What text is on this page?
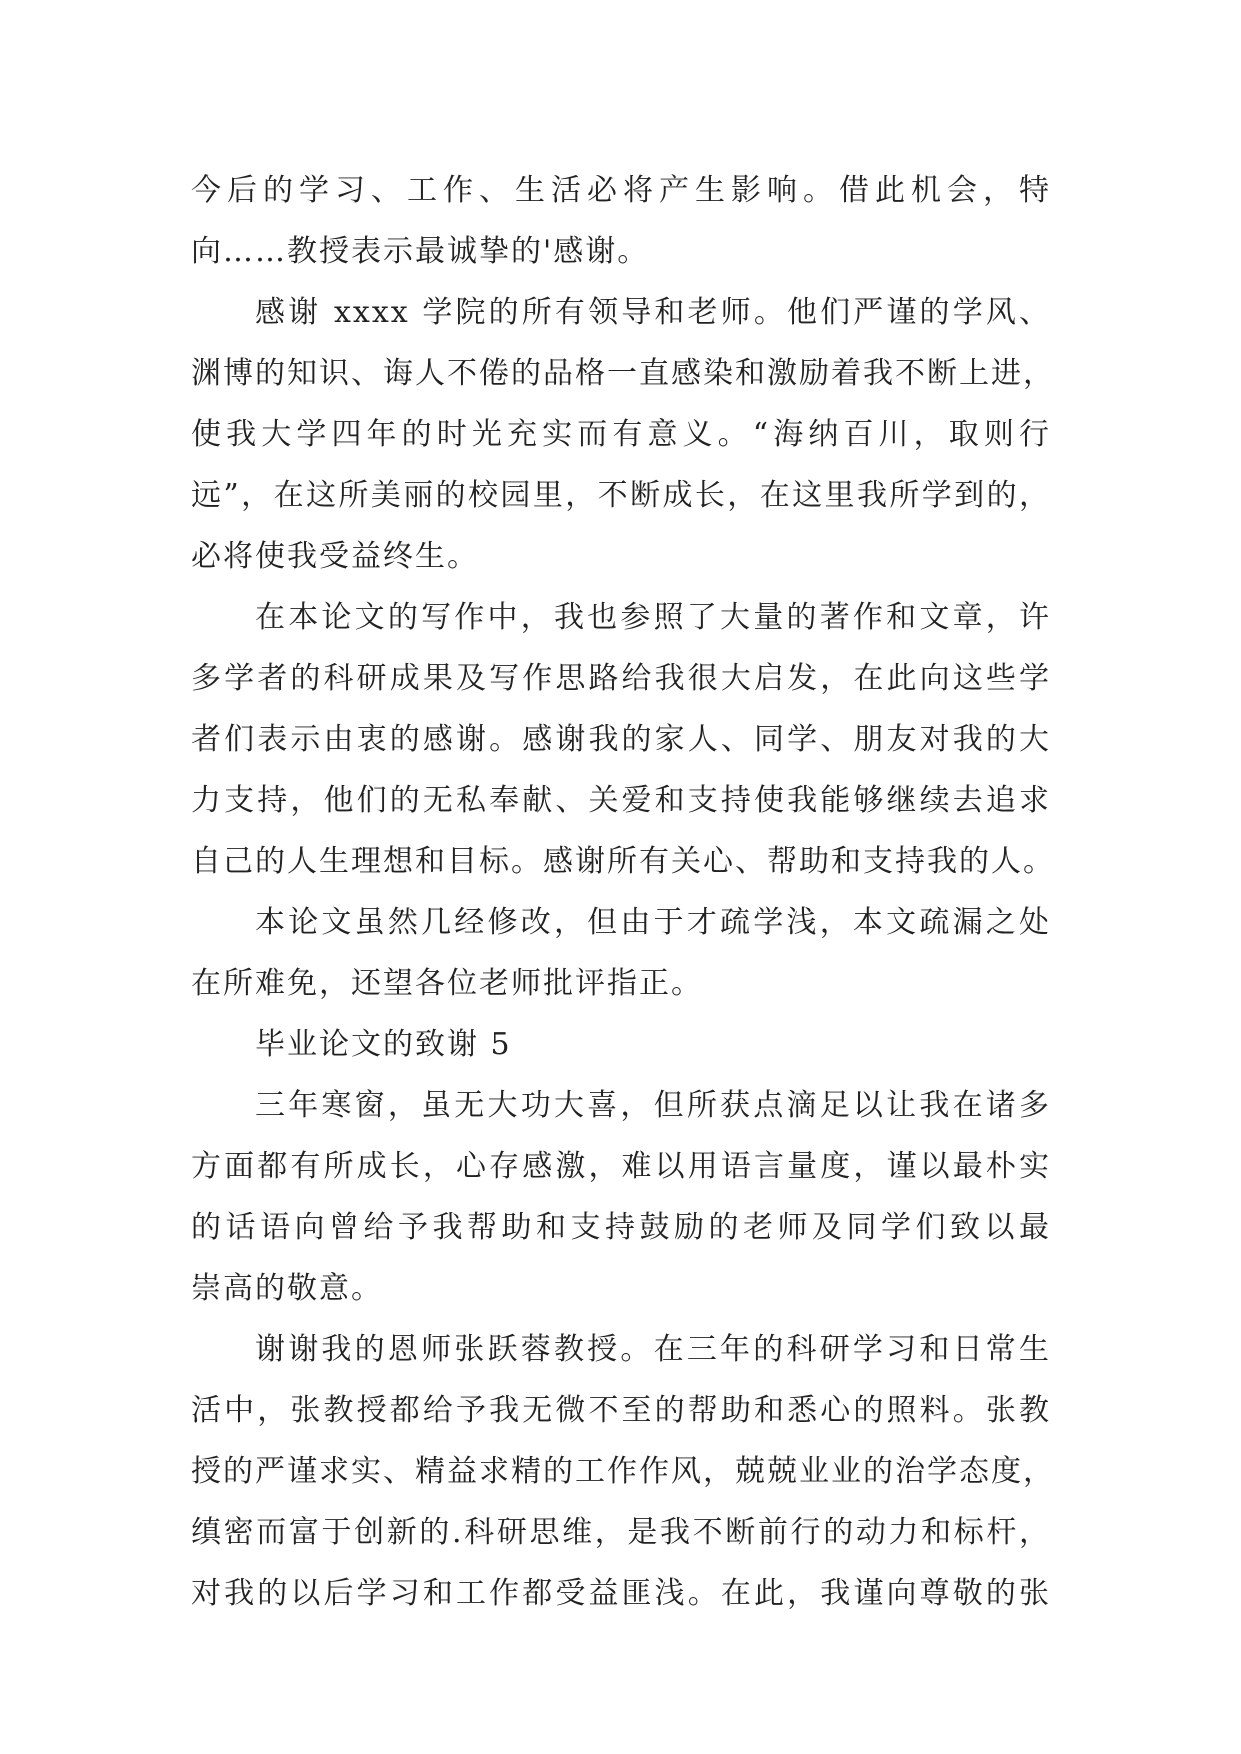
今后的学习、工作、生活必将产生影响。借此机会，特
向……教授表示最诚挚的'感谢。
感谢 xxxx 学院的所有领导和老师。他们严谨的学风、
渊博的知识、诲人不倦的品格一直感染和激励着我不断上进，
使我大学四年的时光充实而有意义。“海纳百川，取则行
远”，在这所美丽的校园里，不断成长，在这里我所学到的，
必将使我受益终生。
在本论文的写作中，我也参照了大量的著作和文章，许
多学者的科研成果及写作思路给我很大启发，在此向这些学
者们表示由衷的感谢。感谢我的家人、同学、朋友对我的大
力支持，他们的无私奉献、关爱和支持使我能够继续去追求
自己的人生理想和目标。感谢所有关心、帮助和支持我的人。
本论文虽然几经修改，但由于才疏学浅，本文疏漏之处
在所难免，还望各位老师批评指正。
毕业论文的致谢 5
三年寒窗，虽无大功大喜，但所获点滴足以让我在诸多
方面都有所成长，心存感激，难以用语言量度，谨以最朴实
的话语向曾给予我帮助和支持鼓励的老师及同学们致以最
崇高的敬意。
谢谢我的恩师张跃蓉教授。在三年的科研学习和日常生
活中，张教授都给予我无微不至的帮助和悉心的照料。张教
授的严谨求实、精益求精的工作作风，兢兢业业的治学态度，
缜密而富于创新的.科研思维，是我不断前行的动力和标杆，
对我的以后学习和工作都受益匪浅。在此，我谨向尊敬的张
